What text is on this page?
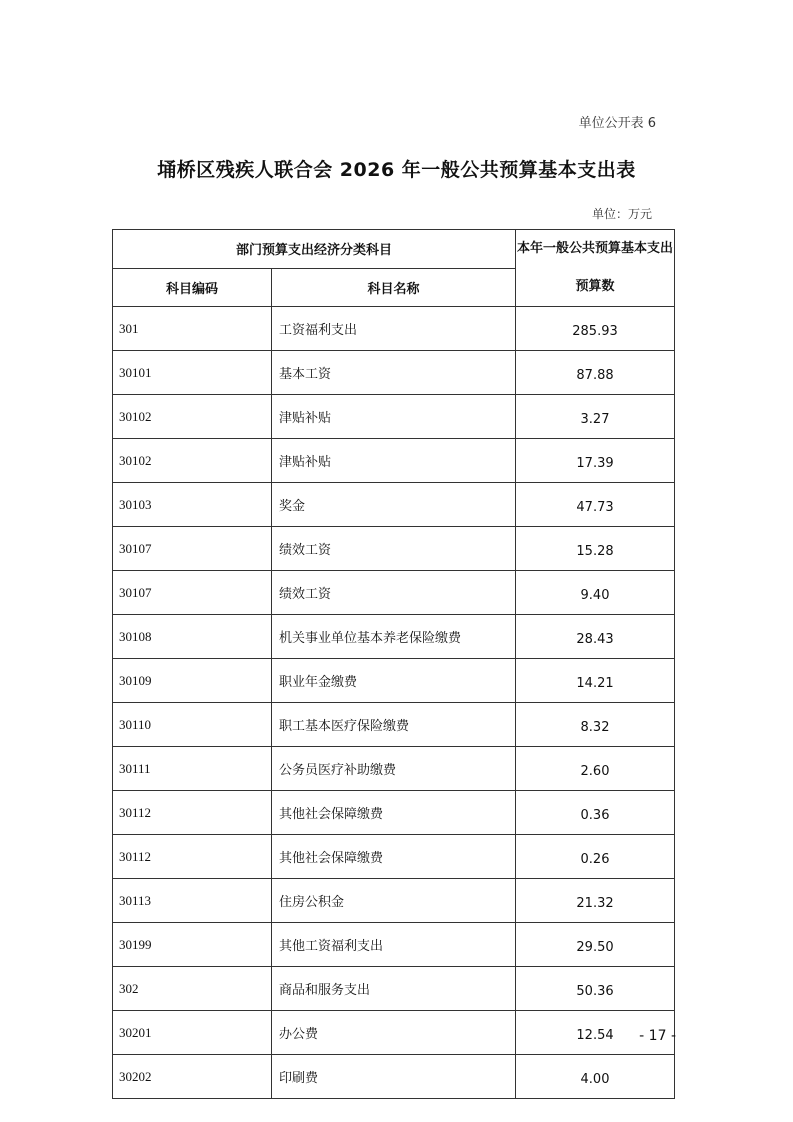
单位公开表 6
埇桥区残疾人联合会 2026 年一般公共预算基本支出表
单位：万元
部门预算支出经济分类科目		本年一般公共预算基本支出预算数
科目编码	科目名称	
301	工资福利支出	285.93
30101	基本工资	87.88
30102	津贴补贴	3.27
30102	津贴补贴	17.39
30103	奖金	47.73
30107	绩效工资	15.28
30107	绩效工资	9.40
30108	机关事业单位基本养老保险缴费	28.43
30109	职业年金缴费	14.21
30110	职工基本医疗保险缴费	8.32
30111	公务员医疗补助缴费	2.60
30112	其他社会保障缴费	0.36
30112	其他社会保障缴费	0.26
30113	住房公积金	21.32
30199	其他工资福利支出	29.50
302	商品和服务支出	50.36
30201	办公费	12.54
30202	印刷费	4.00
- 17 -
